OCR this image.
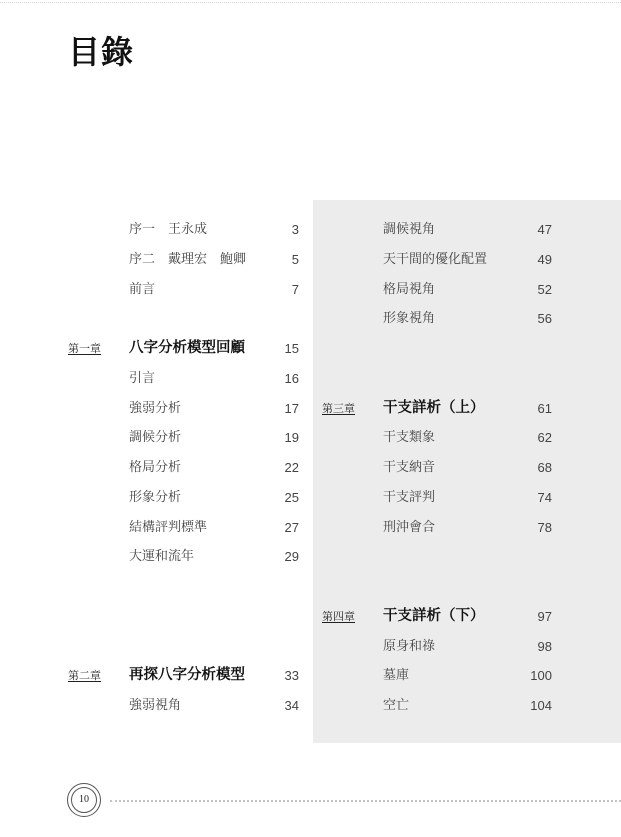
目錄
序一　王永成	3
序二　戴理宏　鮑卿	5
前言	7
第一章 八字分析模型回顧	15
引言	16
強弱分析	17
調候分析	19
格局分析	22
形象分析	25
結構評判標準	27
大運和流年	29
第二章 再探八字分析模型	33
強弱視角	34
調候視角	47
天干間的優化配置	49
格局視角	52
形象視角	56
第三章 干支詳析（上）	61
干支類象	62
干支納音	68
干支評判	74
刑沖會合	78
第四章 干支詳析（下）	97
原身和祿	98
墓庫	100
空亡	104
10
